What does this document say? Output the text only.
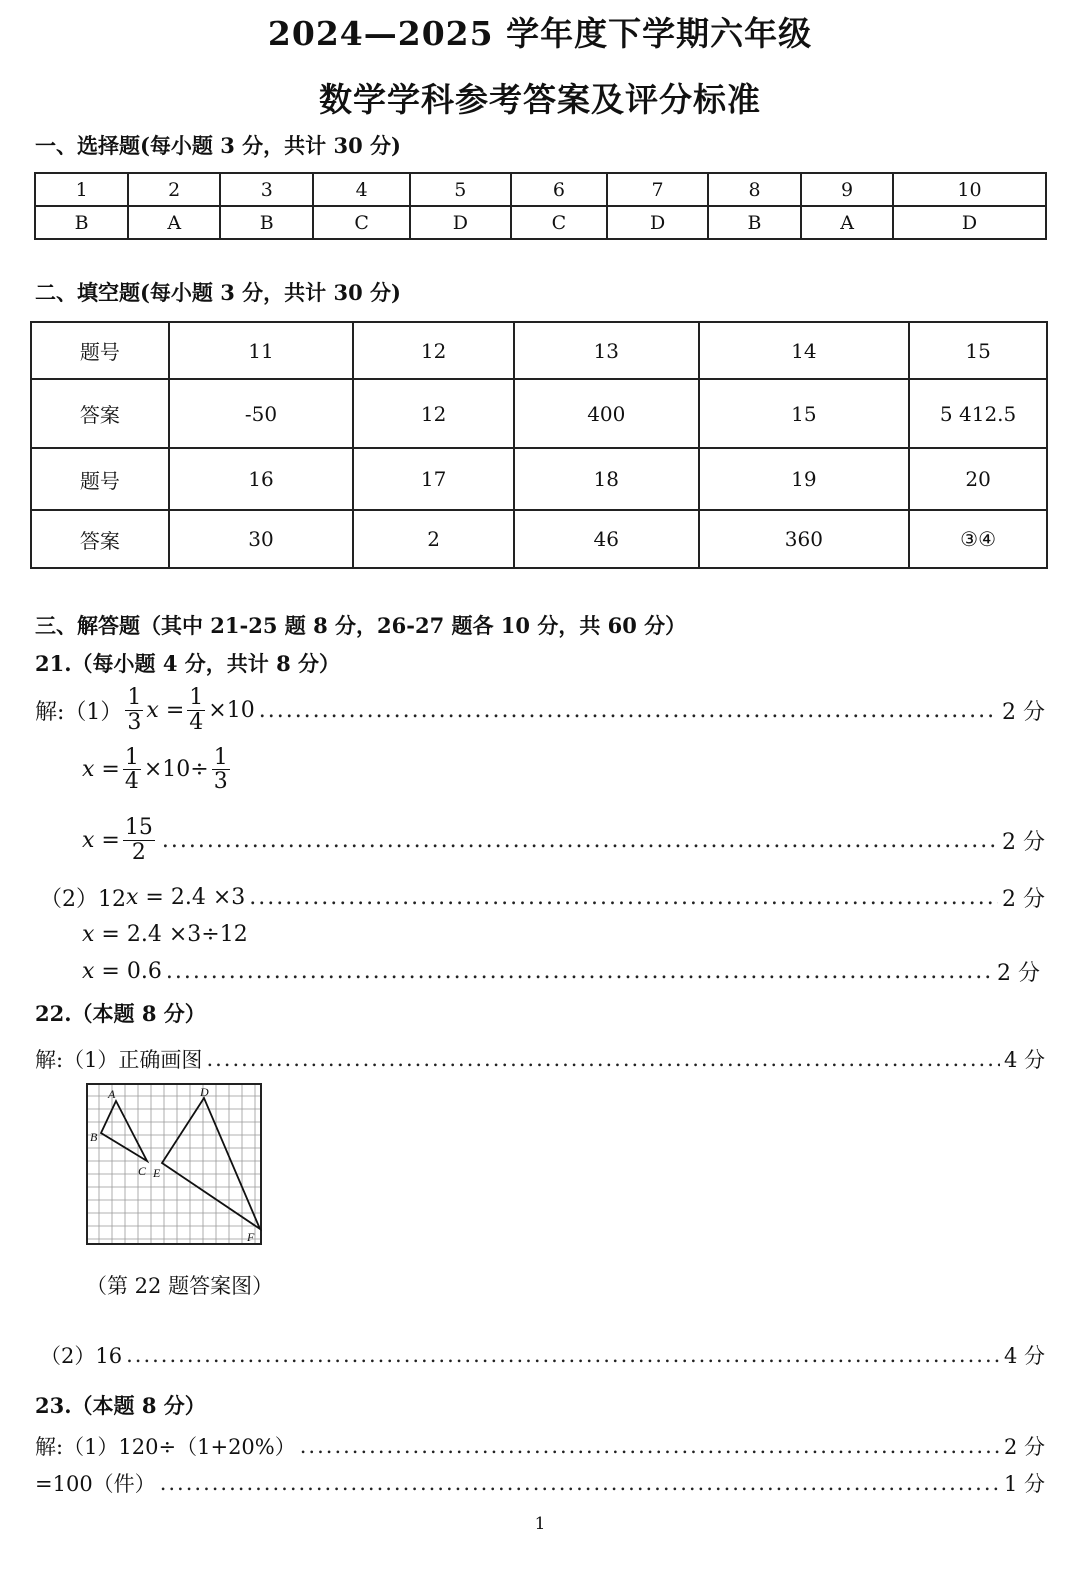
2024—2025 学年度下学期六年级
数学学科参考答案及评分标准
一、选择题(每小题 3 分，共计 30 分)
1	2	3	4	5	6	7	8	9	10
B	A	B	C	D	C	D	B	A	D
二、填空题(每小题 3 分，共计 30 分)
题号	11	12	13	14	15
答案	-50	12	400	15	5 412.5
题号	16	17	18	19	20
答案	30	2	46	360	③④
三、解答题（其中 21-25 题 8 分，26-27 题各 10 分，共 60 分）
21.（每小题 4 分，共计 8 分）
解:（1） $\frac{1}{3}$ x
= $\frac{1}{4} \times 10$ .....	2 分
x
= $\frac{1}{4} \times 10\div \frac{1}{3}$
x
= $\frac{15}{2}$ .....	2 分
（2）12 x
= 2.4 ×3 .....	2 分
x = 2.4 ×3÷12
x
= 0.6 .....	2 分
22.（本题 8 分）
解:（1）正确画图 .....	4 分
A
B
C E
D
F
（第 22 题答案图）
（2）16 .....	4 分
23.（本题 8 分）
解:（1）120÷（1+20%） .....	2 分
=100（件） .....	1 分
1
